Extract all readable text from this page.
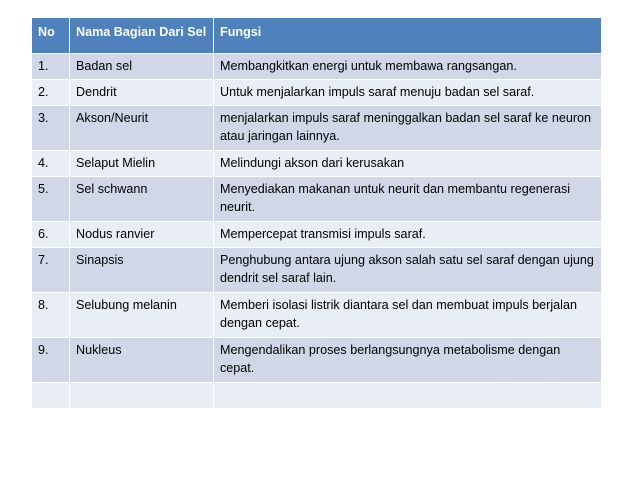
No	Nama Bagian Dari Sel	Fungsi
1.	Badan sel	Membangkitkan energi untuk membawa rangsangan.
2.	Dendrit	Untuk menjalarkan impuls saraf menuju badan sel saraf.
3.	Akson/Neurit	menjalarkan impuls saraf meninggalkan badan sel saraf ke neuron atau jaringan lainnya.
4.	Selaput Mielin	Melindungi akson dari kerusakan
5.	Sel schwann	Menyediakan makanan untuk neurit dan membantu regenerasi neurit.
6.	Nodus ranvier	Mempercepat transmisi impuls saraf.
7.	Sinapsis	Penghubung antara ujung akson salah satu sel saraf dengan ujung dendrit sel saraf lain.
8.	Selubung melanin	Memberi isolasi listrik diantara sel dan membuat impuls berjalan dengan cepat.
9.	Nukleus	Mengendalikan proses berlangsungnya metabolisme dengan cepat.
